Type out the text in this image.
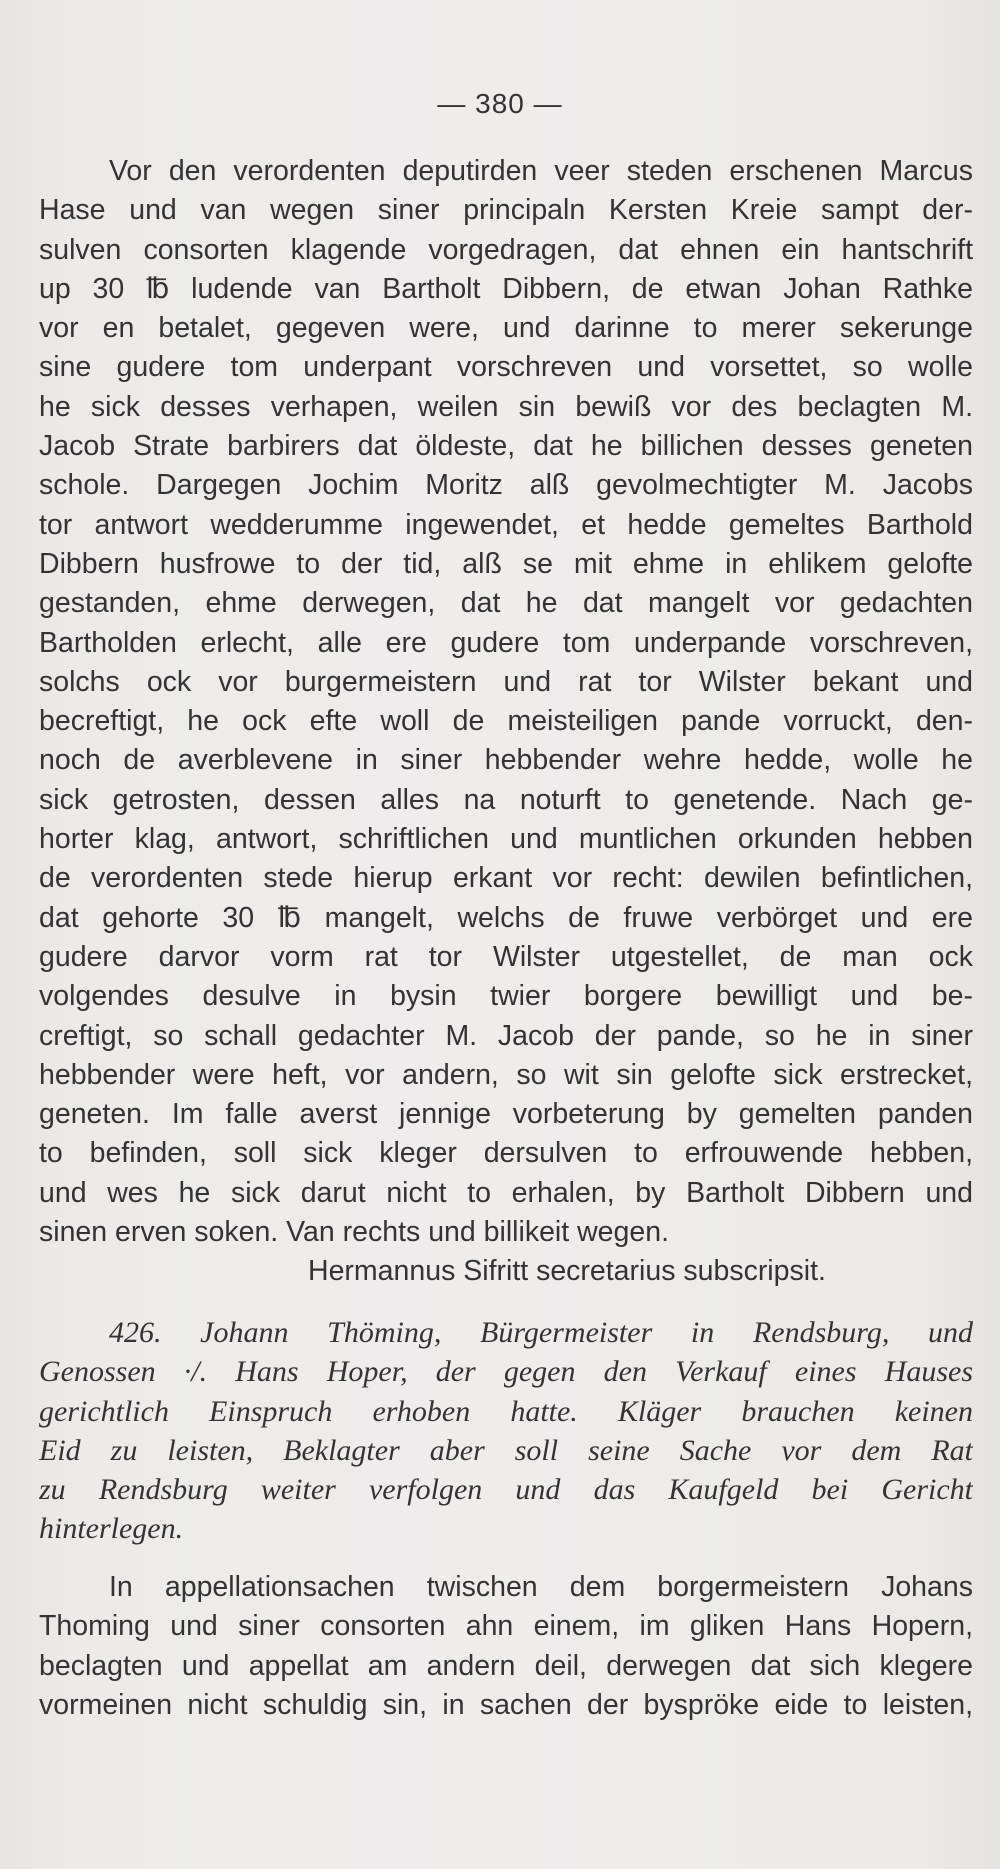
— 380 —
Vor den verordenten deputirden veer steden erschenen Marcus
Hase und van wegen siner principaln Kersten Kreie sampt der-
sulven consorten klagende vorgedragen, dat ehnen ein hantschrift
up 30 ℔ ludende van Bartholt Dibbern, de etwan Johan Rathke
vor en betalet, gegeven were, und darinne to merer sekerunge
sine gudere tom underpant vorschreven und vorsettet, so wolle
he sick desses verhapen, weilen sin bewiß vor des beclagten M.
Jacob Strate barbirers dat öldeste, dat he billichen desses geneten
schole. Dargegen Jochim Moritz alß gevolmechtigter M. Jacobs
tor antwort wedderumme ingewendet, et hedde gemeltes Barthold
Dibbern husfrowe to der tid, alß se mit ehme in ehlikem gelofte
gestanden, ehme derwegen, dat he dat mangelt vor gedachten
Bartholden erlecht, alle ere gudere tom underpande vorschreven,
solchs ock vor burgermeistern und rat tor Wilster bekant und
becreftigt, he ock efte woll de meisteiligen pande vorruckt, den-
noch de averblevene in siner hebbender wehre hedde, wolle he
sick getrosten, dessen alles na noturft to genetende. Nach ge-
horter klag, antwort, schriftlichen und muntlichen orkunden hebben
de verordenten stede hierup erkant vor recht: dewilen befintlichen,
dat gehorte 30 ℔ mangelt, welchs de fruwe verbörget und ere
gudere darvor vorm rat tor Wilster utgestellet, de man ock
volgendes desulve in bysin twier borgere bewilligt und be-
creftigt, so schall gedachter M. Jacob der pande, so he in siner
hebbender were heft, vor andern, so wit sin gelofte sick erstrecket,
geneten. Im falle averst jennige vorbeterung by gemelten panden
to befinden, soll sick kleger dersulven to erfrouwende hebben,
und wes he sick darut nicht to erhalen, by Bartholt Dibbern und
sinen erven soken. Van rechts und billikeit wegen.
Hermannus Sifritt secretarius subscripsit.
426. Johann Thöming, Bürgermeister in Rendsburg, und
Genossen ·/. Hans Hoper, der gegen den Verkauf eines Hauses
gerichtlich Einspruch erhoben hatte. Kläger brauchen keinen
Eid zu leisten, Beklagter aber soll seine Sache vor dem Rat
zu Rendsburg weiter verfolgen und das Kaufgeld bei Gericht
hinterlegen.
In appellationsachen twischen dem borgermeistern Johans
Thoming und siner consorten ahn einem, im gliken Hans Hopern,
beclagten und appellat am andern deil, derwegen dat sich klegere
vormeinen nicht schuldig sin, in sachen der byspröke eide to leisten,
